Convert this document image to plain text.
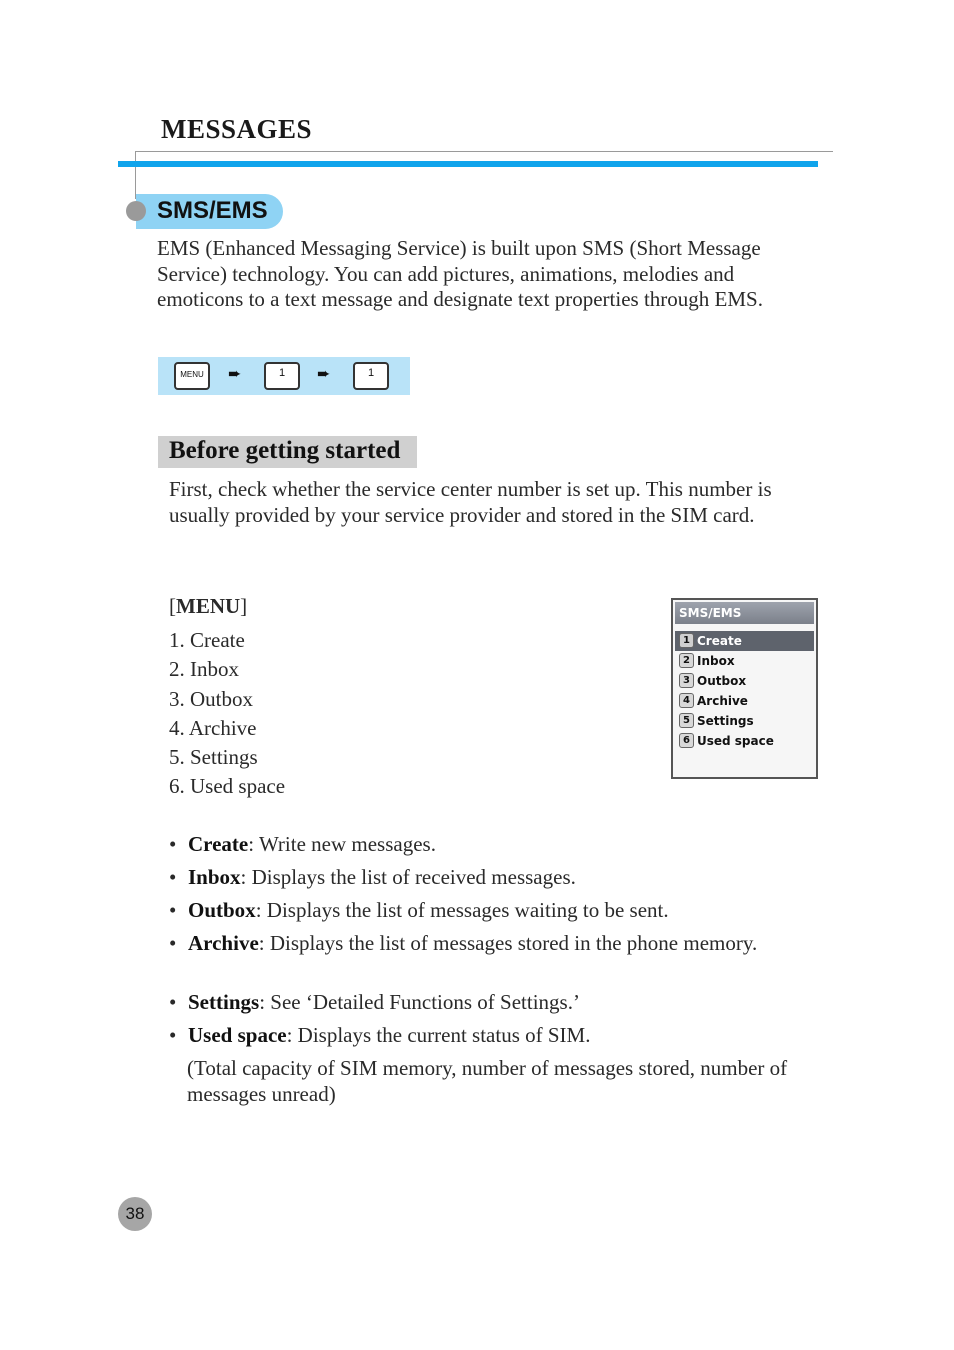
MESSAGES
SMS/EMS
EMS (Enhanced Messaging Service) is built upon SMS (Short Message Service) technology. You can add pictures, animations, melodies and emoticons to a text message and designate text properties through EMS.
MENU ➨	1	➨	1
Before getting started
First, check whether the service center number is set up. This number is usually provided by your service provider and stored in the SIM card.
[MENU]
1. Create
2. Inbox
3. Outbox
4. Archive
5. Settings
6. Used space
SMS/EMS
1 Create
2 Inbox
3 Outbox
4 Archive
5 Settings
6 Used space
• Create: Write new messages.
• Inbox: Displays the list of received messages.
• Outbox: Displays the list of messages waiting to be sent.
• Archive: Displays the list of messages stored in the phone memory.
• Settings: See ‘Detailed Functions of Settings.’
• Used space: Displays the current status of SIM.
(Total capacity of SIM memory, number of messages stored, number of messages unread)
38
